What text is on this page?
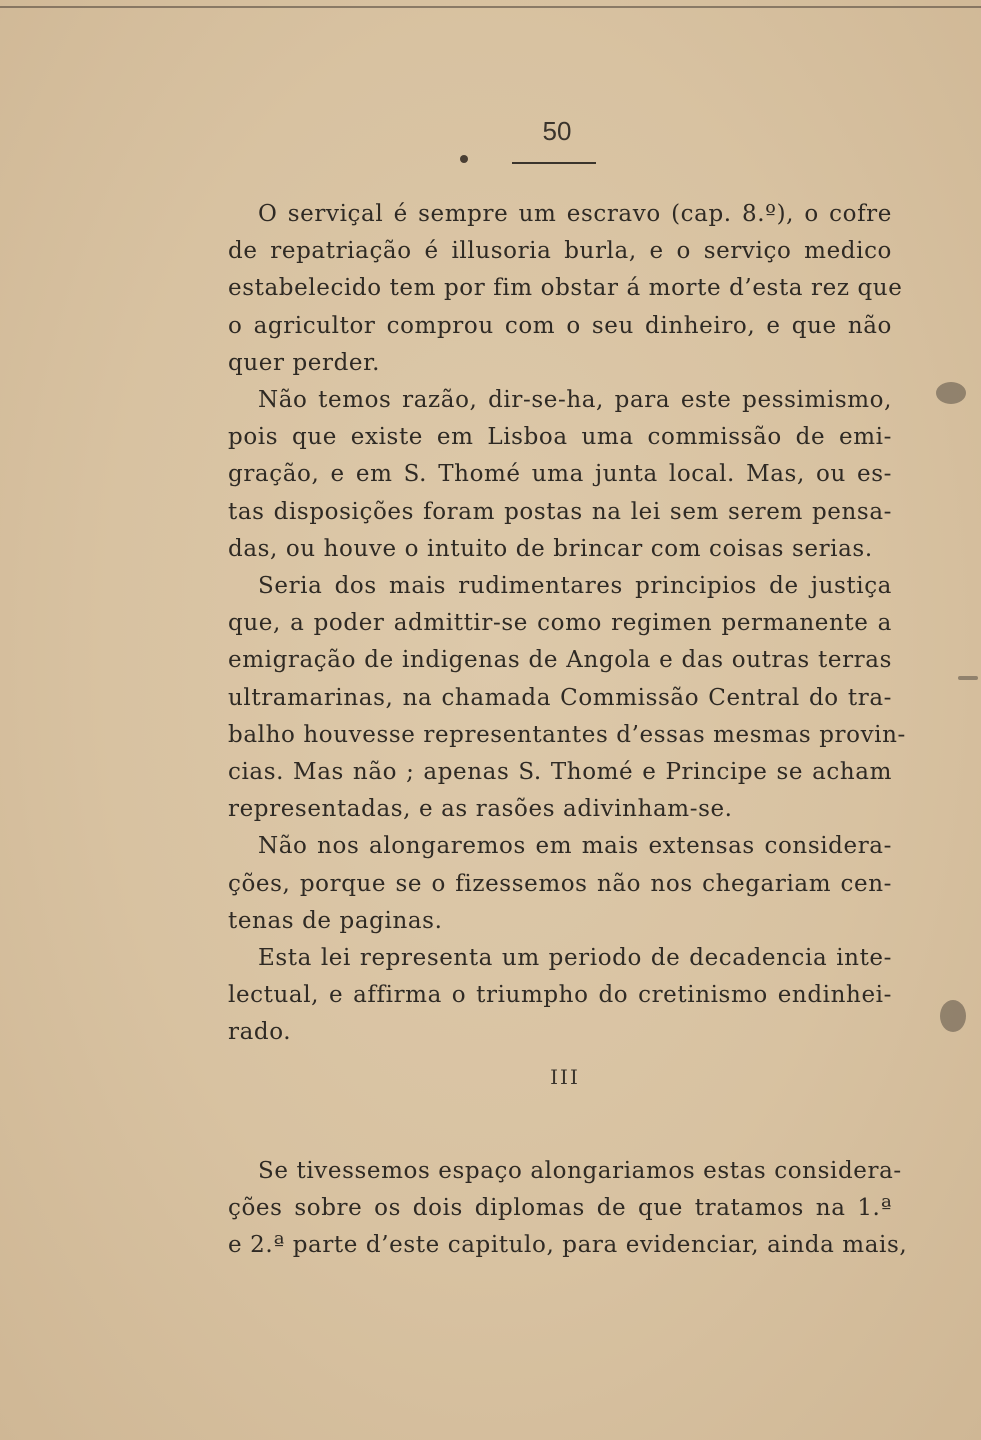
50
O serviçal é sempre um escravo (cap. 8.º), o cofre
de repatriação é illusoria burla, e o serviço medico
estabelecido tem por fim obstar á morte d’esta rez que
o agricultor comprou com o seu dinheiro, e que não
quer perder.
Não temos razão, dir-se-ha, para este pessimismo,
pois que existe em Lisboa uma commissão de emi-
gração, e em S. Thomé uma junta local. Mas, ou es-
tas disposições foram postas na lei sem serem pensa-
das, ou houve o intuito de brincar com coisas serias.
Seria dos mais rudimentares principios de justiça
que, a poder admittir-se como regimen permanente a
emigração de indigenas de Angola e das outras terras
ultramarinas, na chamada Commissão Central do tra-
balho houvesse representantes d’essas mesmas provin-
cias. Mas não ; apenas S. Thomé e Principe se acham
representadas, e as rasões adivinham-se.
Não nos alongaremos em mais extensas considera-
ções, porque se o fizessemos não nos chegariam cen-
tenas de paginas.
Esta lei representa um periodo de decadencia inte-
lectual, e affirma o triumpho do cretinismo endinhei-
rado.
III
Se tivessemos espaço alongariamos estas considera-
ções sobre os dois diplomas de que tratamos na 1.ª
e 2.ª parte d’este capitulo, para evidenciar, ainda mais,
